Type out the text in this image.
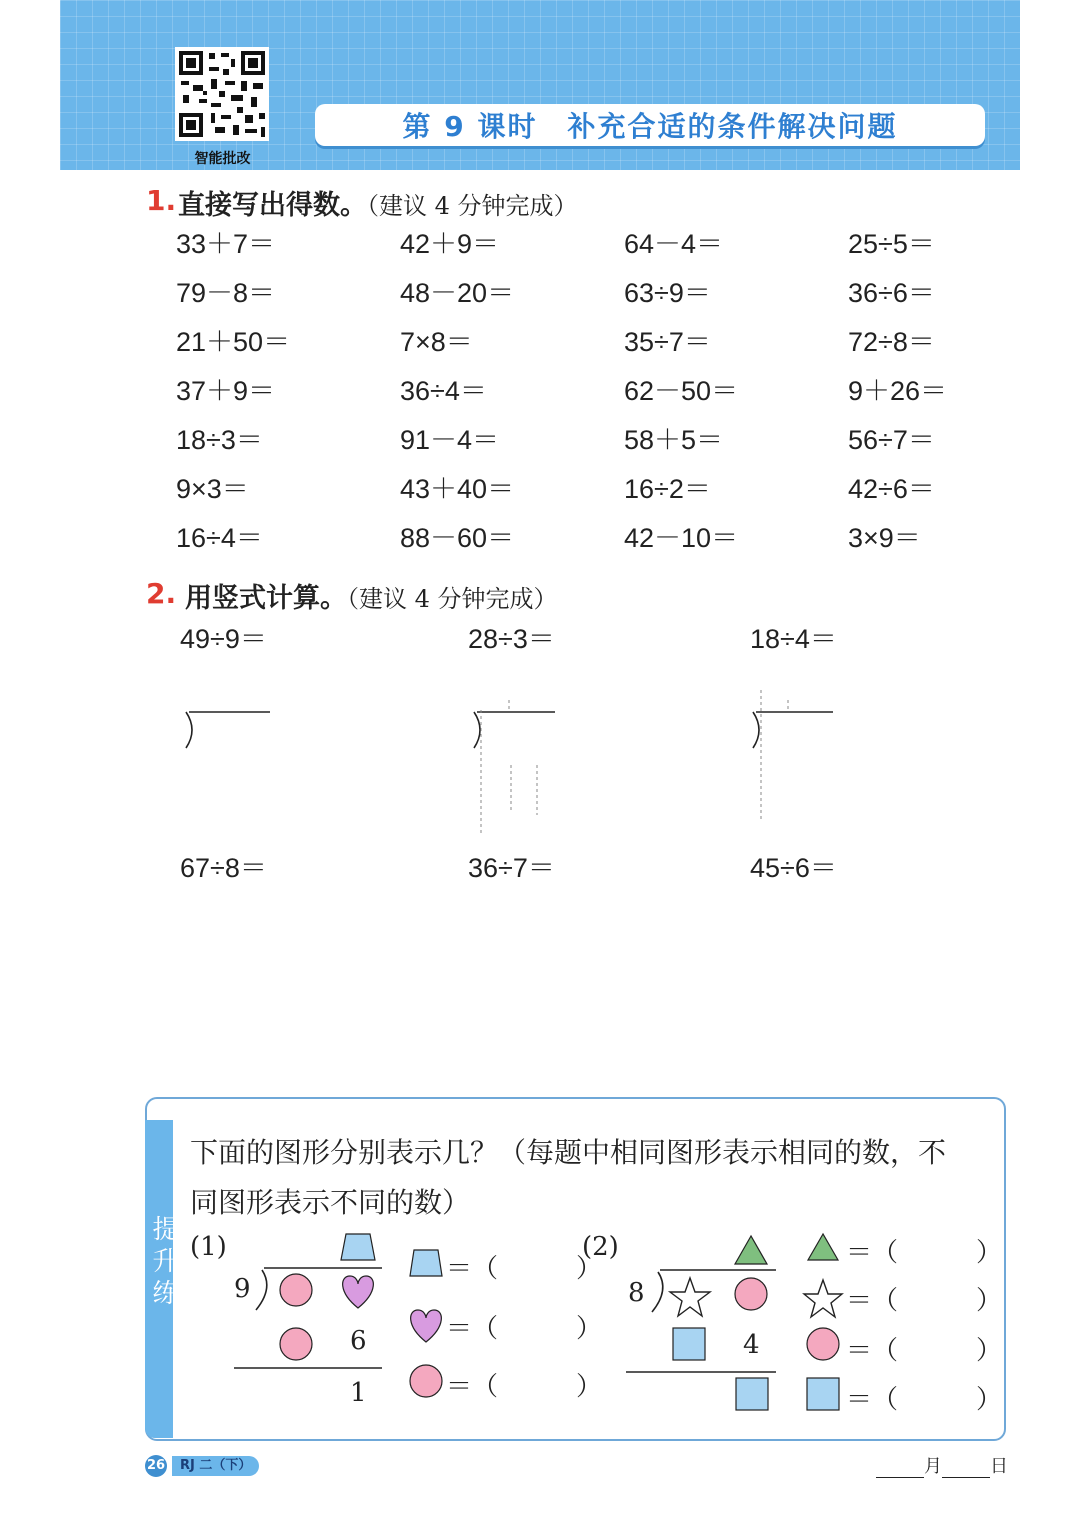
智能批改
第 9 课时　补充合适的条件解决问题
1. 直接写出得数。（建议 4 分钟完成）
33＋7＝	42＋9＝	64－4＝	25÷5＝
79－8＝	48－20＝	63÷9＝	36÷6＝
21＋50＝	7×8＝	35÷7＝	72÷8＝
37＋9＝	36÷4＝	62－50＝	9＋26＝
18÷3＝	91－4＝	58＋5＝	56÷7＝
9×3＝	43＋40＝	16÷2＝	42÷6＝
16÷4＝	88－60＝	42－10＝	3×9＝
2. 用竖式计算。（建议 4 分钟完成）
49÷9＝	28÷3＝	18÷4＝
67÷8＝	36÷7＝	45÷6＝
提升练
下面的图形分别表示几？（每题中相同图形表示相同的数，不
同图形表示不同的数）
(1)
9
6
1
＝（　　　）
＝（　　　）
＝（　　　）
(2)
8
4
＝（　　　）
＝（　　　）
＝（　　　）
＝（　　　）
26	RJ 二（下）	月	日
